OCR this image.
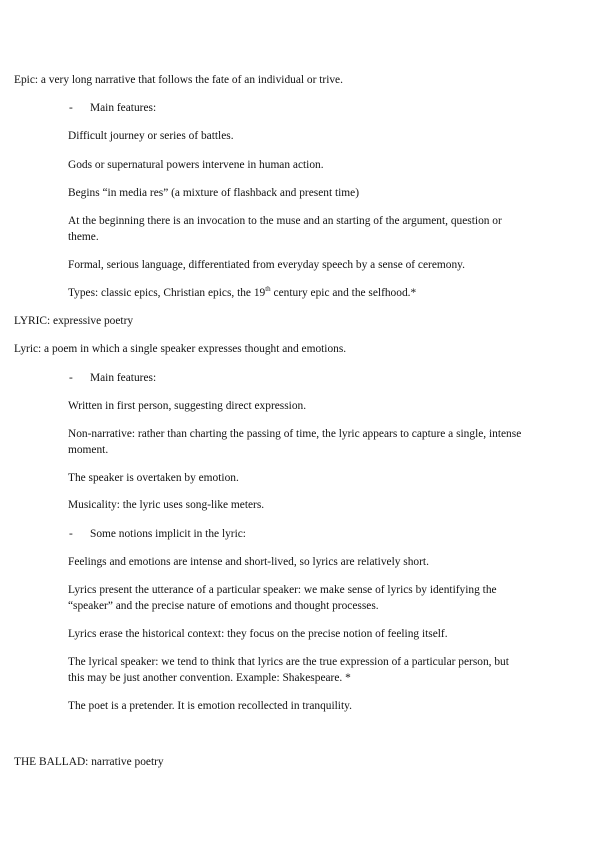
Epic: a very long narrative that follows the fate of an individual or trive.
- Main features:
Difficult journey or series of battles.
Gods or supernatural powers intervene in human action.
Begins “in media res” (a mixture of flashback and present time)
At the beginning there is an invocation to the muse and an starting of the argument, question or theme.
Formal, serious language, differentiated from everyday speech by a sense of ceremony.
Types: classic epics, Christian epics, the 19th century epic and the selfhood.*
LYRIC: expressive poetry
Lyric: a poem in which a single speaker expresses thought and emotions.
- Main features:
Written in first person, suggesting direct expression.
Non-narrative: rather than charting the passing of time, the lyric appears to capture a single, intense moment.
The speaker is overtaken by emotion.
Musicality: the lyric uses song-like meters.
- Some notions implicit in the lyric:
Feelings and emotions are intense and short-lived, so lyrics are relatively short.
Lyrics present the utterance of a particular speaker: we make sense of lyrics by identifying the “speaker” and the precise nature of emotions and thought processes.
Lyrics erase the historical context: they focus on the precise notion of feeling itself.
The lyrical speaker: we tend to think that lyrics are the true expression of a particular person, but this may be just another convention. Example: Shakespeare. *
The poet is a pretender. It is emotion recollected in tranquility.
THE BALLAD: narrative poetry
